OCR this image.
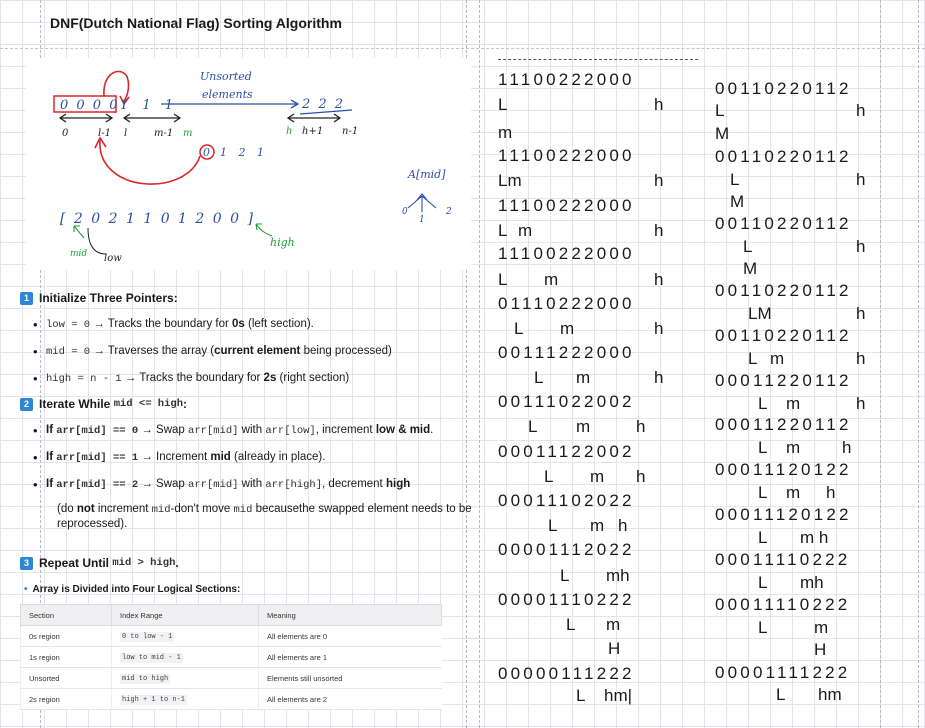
DNF(Dutch National Flag) Sorting Algorithm
0 0 0 0 1 1 1	2 2 2
Unsorted
elements
0	l-1 l	m-1 m	h h+1 n-1
0 1 2 1
A[mid]
0
1
2
[ 2 0 2 1 1 0 1 2 0 0 ]
mid low
high
1 Initialize Three Pointers:
• low = 0 → Tracks the boundary for 0s (left section).
• mid = 0 → Traverses the array (current element being processed)
• high = n - 1 → Tracks the boundary for 2s (right section)
2 Iterate While
mid <= high :
• If arr[mid] == 0 → Swap arr[mid] with arr[low], increment low & mid.
• If arr[mid] == 1 → Increment mid (already in place).
• If arr[mid] == 2 → Swap arr[mid] with arr[high], decrement high
(do not increment mid-don't move mid becausethe swapped element needs to be reprocessed).
3 Repeat Until
mid > high .
• Array is Divided into Four Logical Sections:
Section	Index Range	Meaning
0s region	0 to low - 1	All elements are 0
1s region	low to mid - 1	All elements are 1
Unsorted	mid to high	Elements still unsorted
2s region	high + 1 to n-1	All elements are 2
11100222000
L	h
m
11100222000
Lm	h
11100222000
L m	h
11100222000
L m	h
01110222000
L m	h
00111222000
L m	h
00111022002
L m	h
00011122002
L m h
00011102022
L m h
00001112022
L mh
00001110222
L m
H
00000111222
L hm|
00110220112
L	h
M
00110220112
L	h
M
00110220112
L	h
M
00110220112
LM	h
00110220112
L m	h
00011220112
L m	h
00011220112
L m h
00011120122
L m h
00011120122
L m h
00011110222
L mh
00011110222
L	m
H
00001111222
L hm
